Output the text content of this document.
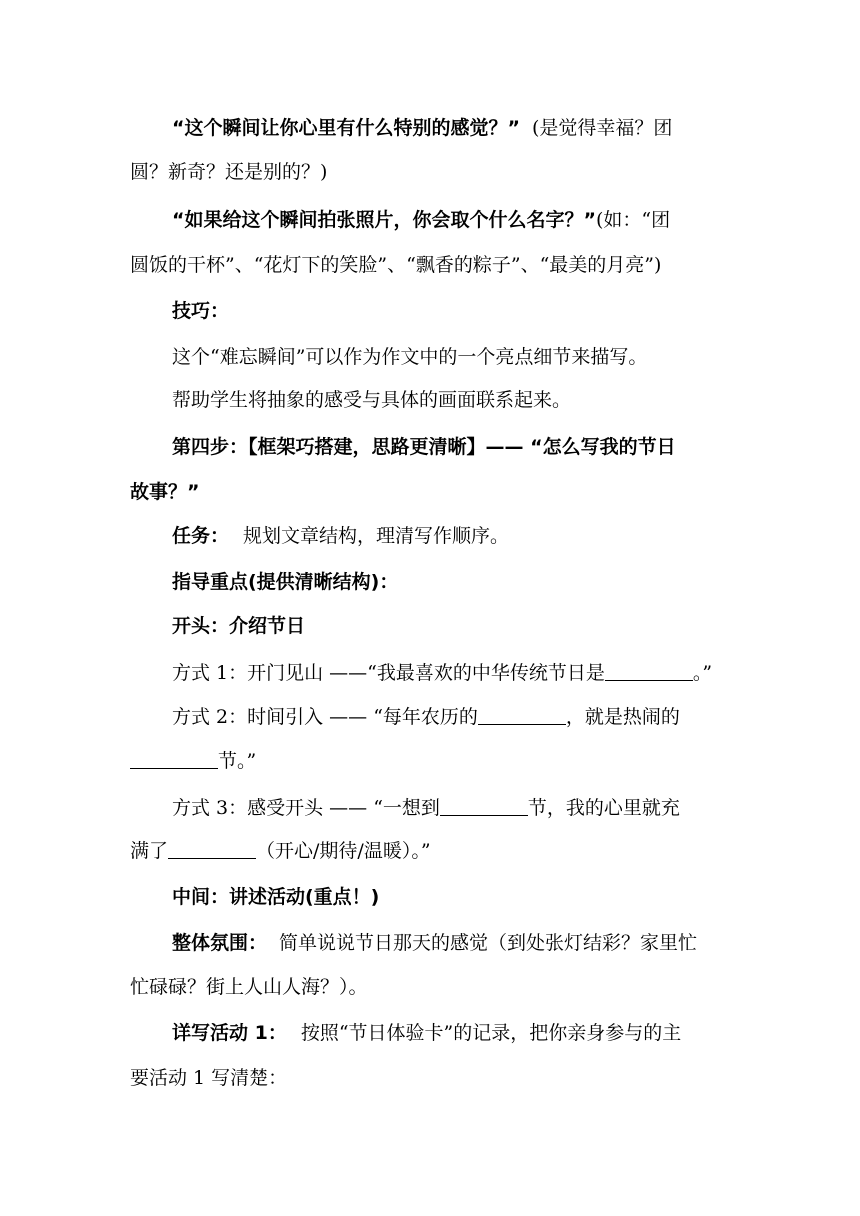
“这个瞬间让你心里有什么特别的感觉？” (是觉得幸福？团
圆？新奇？还是别的？)
“如果给这个瞬间拍张照片，你会取个什么名字？”(如：“团
圆饭的干杯”、“花灯下的笑脸”、“飘香的粽子”、“最美的月亮”)
技巧：
这个“难忘瞬间”可以作为作文中的一个亮点细节来描写。
帮助学生将抽象的感受与具体的画面联系起来。
第四步：【框架巧搭建，思路更清晰】—— “怎么写我的节日
故事？”
任务： 规划文章结构，理清写作顺序。
指导重点(提供清晰结构)：
开头：介绍节日
方式 1：开门见山 ——“我最喜欢的中华传统节日是	。”
方式 2：时间引入 —— “每年农历的	，就是热闹的
节。”
方式 3：感受开头 —— “一想到	节，我的心里就充
满了	（开心/期待/温暖）。”
中间：讲述活动(重点！)
整体氛围： 简单说说节日那天的感觉（到处张灯结彩？家里忙
忙碌碌？街上人山人海？）。
详写活动 1： 按照“节日体验卡”的记录，把你亲身参与的主
要活动 1 写清楚：
